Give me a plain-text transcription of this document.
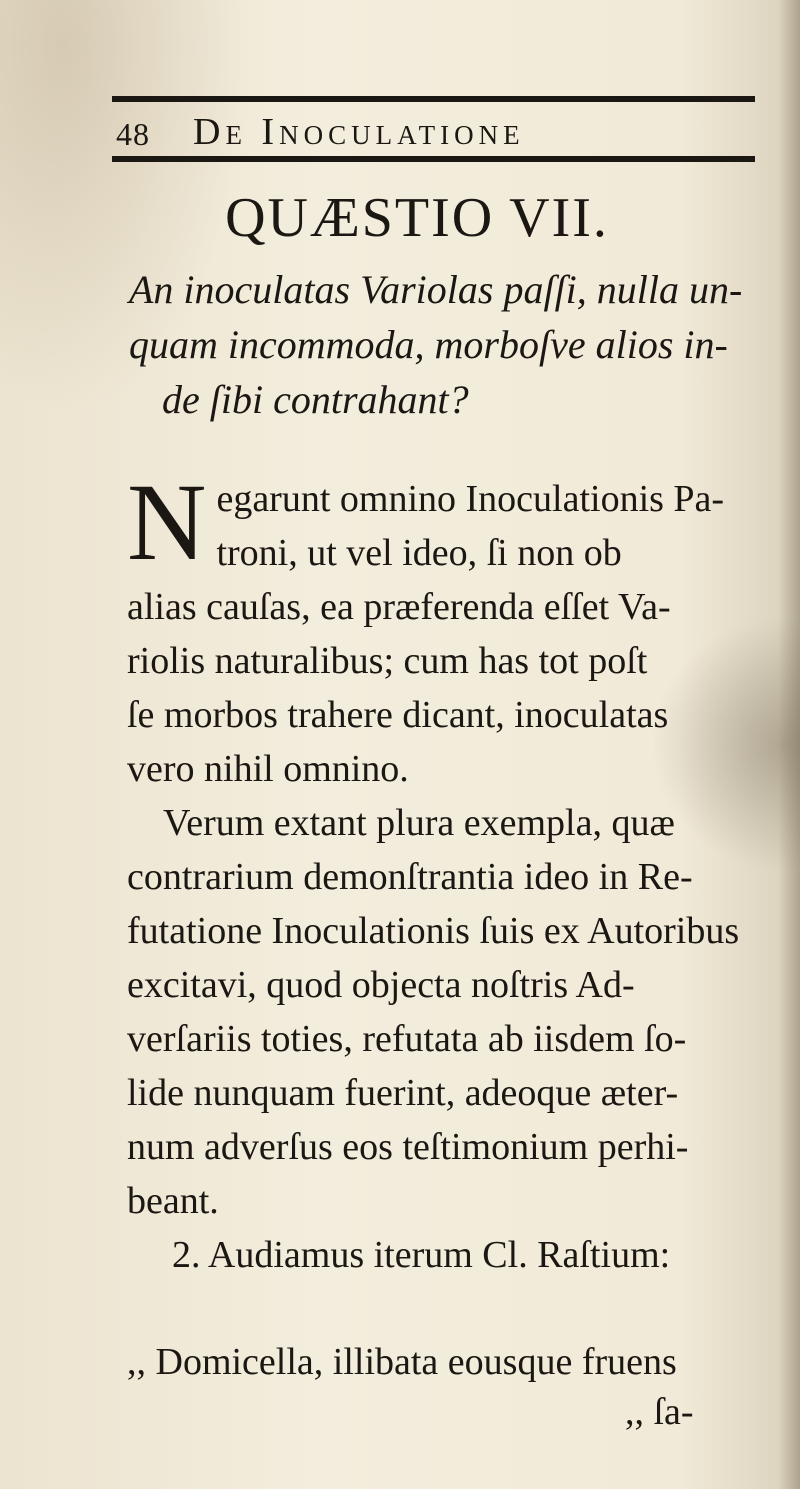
48 De Inoculatione
QUÆSTIO VII.
An inoculatas Variolas paſſi, nulla un-
quam incommoda, morboſve alios in-
de ſibi contrahant?
N egarunt omnino Inoculationis Pa-
troni, ut vel ideo, ſi non ob
alias cauſas, ea præferenda eſſet Va-
riolis naturalibus; cum has tot poſt
ſe morbos trahere dicant, inoculatas
vero nihil omnino.
Verum extant plura exempla, quæ
contrarium demonſtrantia ideo in Re-
futatione Inoculationis ſuis ex Autoribus
excitavi, quod objecta noſtris Ad-
verſariis toties, refutata ab iisdem ſo-
lide nunquam fuerint, adeoque æter-
num adverſus eos teſtimonium perhi-
beant.
2. Audiamus iterum Cl. Raſtium:
,, Domicella, illibata eousque fruens
,, ſa-
